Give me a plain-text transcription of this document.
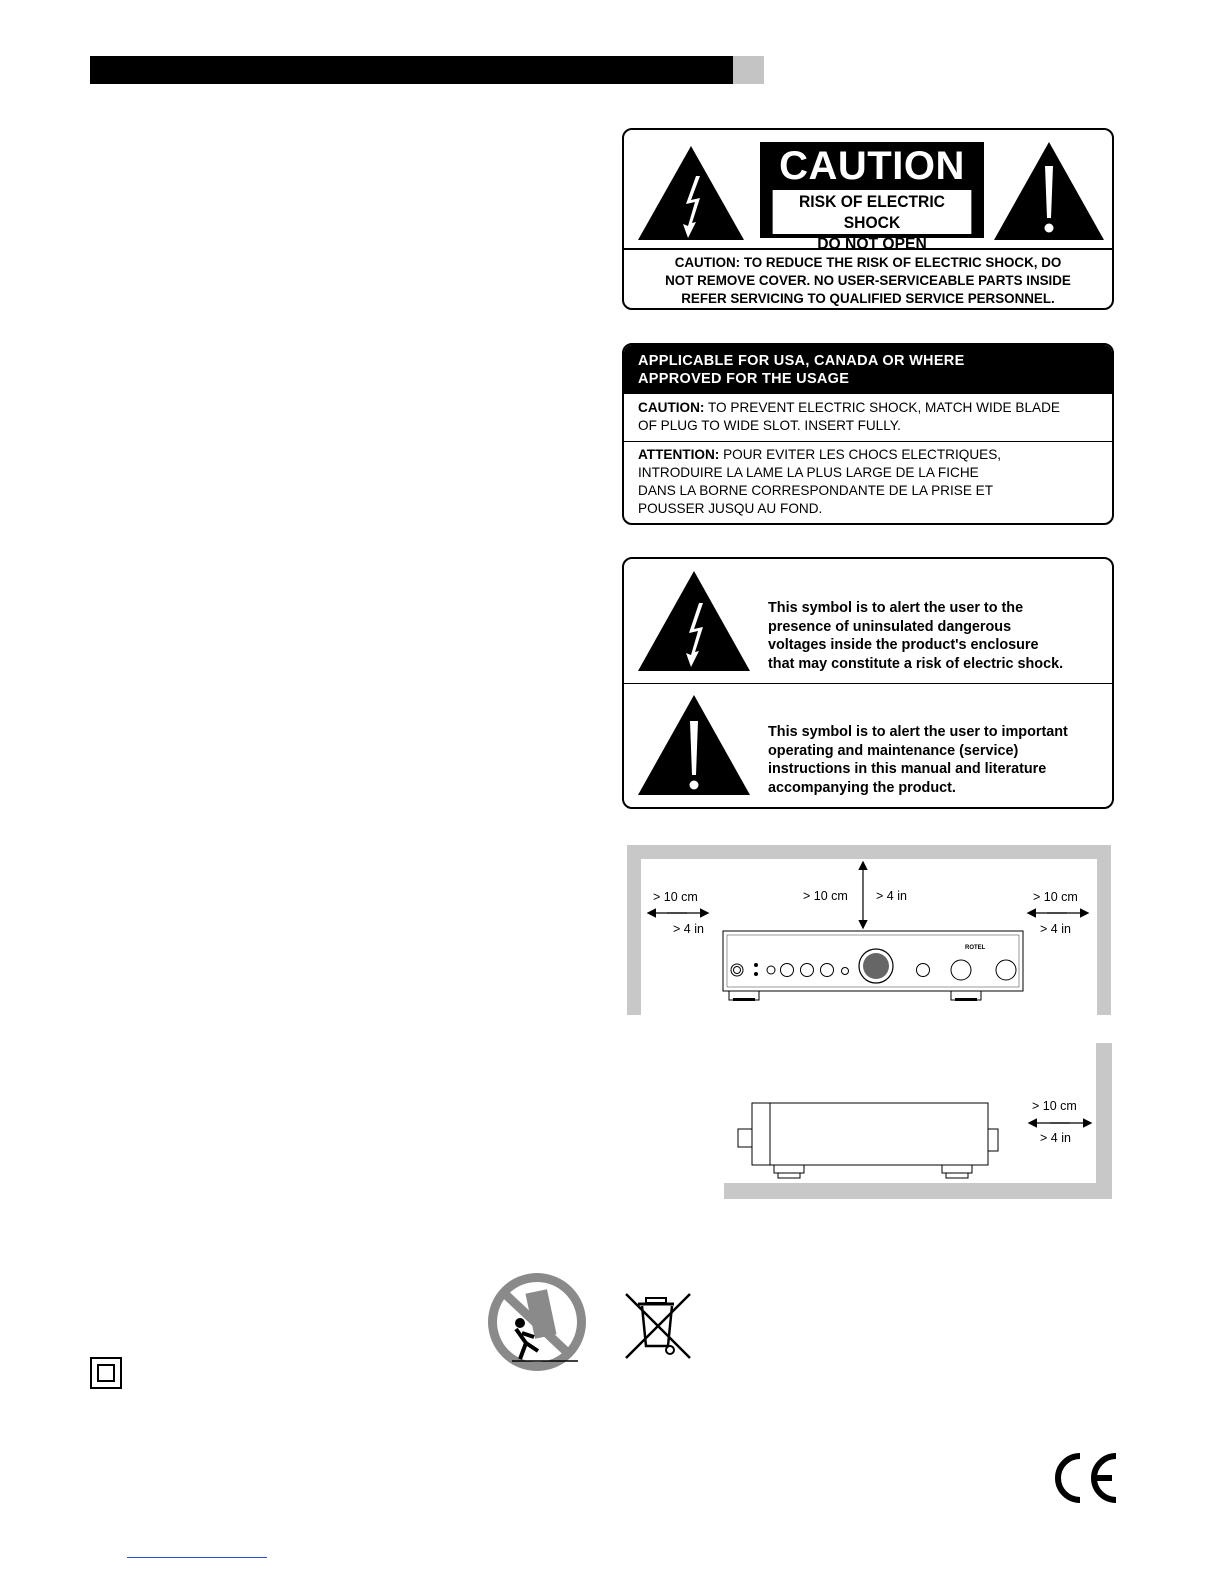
CAUTION
RISK OF ELECTRIC SHOCK
DO NOT OPEN
CAUTION: TO REDUCE THE RISK OF ELECTRIC SHOCK, DO
NOT REMOVE COVER. NO USER-SERVICEABLE PARTS INSIDE
REFER SERVICING TO QUALIFIED SERVICE PERSONNEL.
APPLICABLE FOR USA, CANADA OR WHERE
APPROVED FOR THE USAGE
CAUTION: TO PREVENT ELECTRIC SHOCK, MATCH WIDE BLADE
OF PLUG TO WIDE SLOT. INSERT FULLY.
ATTENTION: POUR EVITER LES CHOCS ELECTRIQUES,
INTRODUIRE LA LAME LA PLUS LARGE DE LA FICHE
DANS LA BORNE CORRESPONDANTE DE LA PRISE ET
POUSSER JUSQU AU FOND.
This symbol is to alert the user to the
presence of uninsulated dangerous
voltages inside the product's enclosure
that may constitute a risk of electric shock.
This symbol is to alert the user to important
operating and maintenance (service)
instructions in this manual and literature
accompanying the product.
> 10 cm
> 4 in
> 10 cm > 4 in	> 10 cm
> 4 in
ROTEL
> 10 cm
> 4 in
